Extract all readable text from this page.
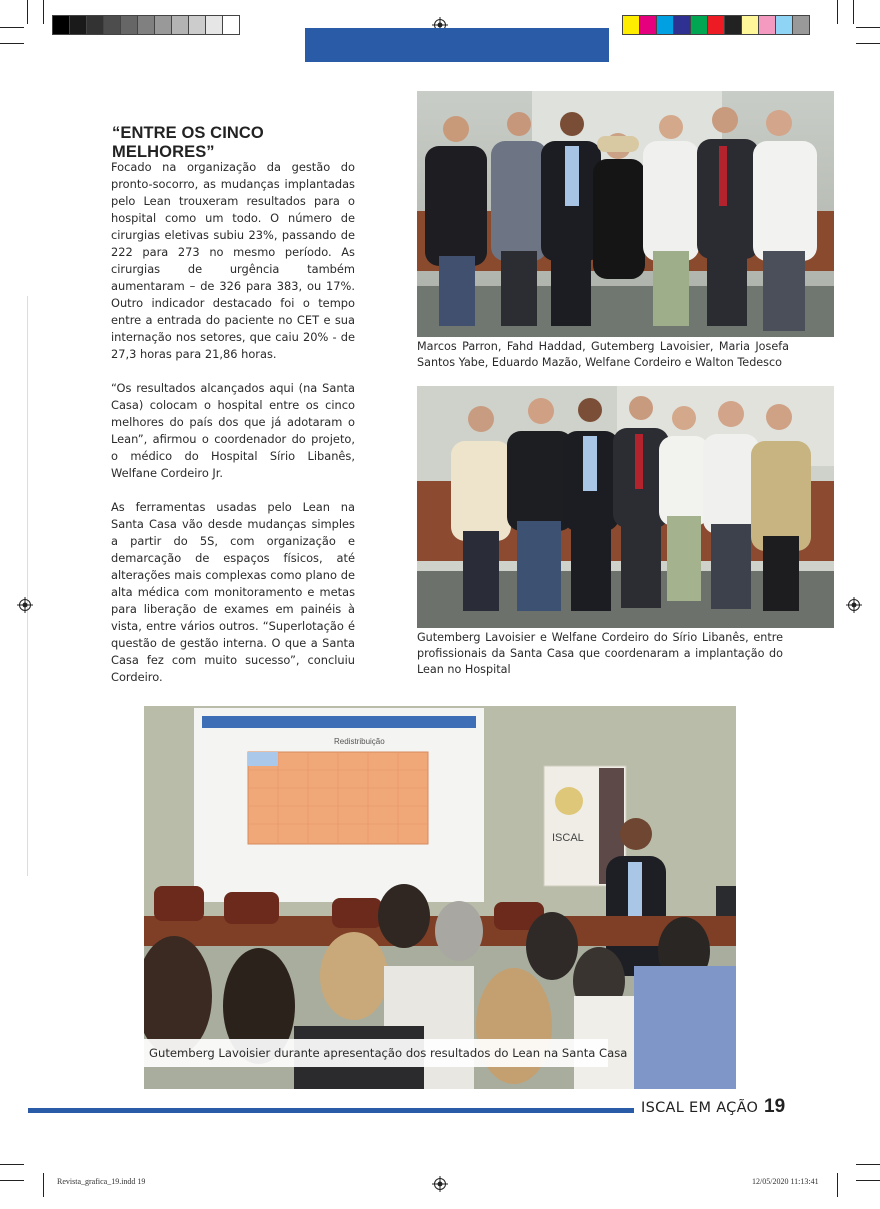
“ENTRE OS CINCO MELHORES”

Focado na organização da gestão do pronto-socorro, as mudanças implantadas pelo Lean trouxeram resultados para o hospital como um todo. O número de cirurgias eletivas subiu 23%, passando de 222 para 273 no mesmo período. As cirurgias de urgência também aumentaram – de 326 para 383, ou 17%. Outro indicador destacado foi o tempo entre a entrada do paciente no CET e sua internação nos setores, que caiu 20% - de 27,3 horas para 21,86 horas.

“Os resultados alcançados aqui (na Santa Casa) colocam o hospital entre os cinco melhores do país dos que já adotaram o Lean”, afirmou o coordenador do projeto, o médico do Hospital Sírio Libanês, Welfane Cordeiro Jr.

As ferramentas usadas pelo Lean na Santa Casa vão desde mudanças simples a partir do 5S, com organização e demarcação de espaços físicos, até alterações mais complexas como plano de alta médica com monitoramento e metas para liberação de exames em painéis à vista, entre vários outros. “Superlotação é questão de gestão interna. O que a Santa Casa fez com muito sucesso”, concluiu Cordeiro.

Marcos Parron, Fahd Haddad, Gutemberg Lavoisier, Maria Josefa Santos Yabe, Eduardo Mazão, Welfane Cordeiro e Walton Tedesco
Gutemberg Lavoisier e Welfane Cordeiro do Sírio Libanês, entre profissionais da Santa Casa que coordenaram a implantação do Lean no Hospital
Redistribuição
ISCAL
Gutemberg Lavoisier durante apresentação dos resultados do Lean na Santa Casa
ISCAL EM AÇÃO 19
Revista_grafica_19.indd 19	12/05/2020 11:13:41
